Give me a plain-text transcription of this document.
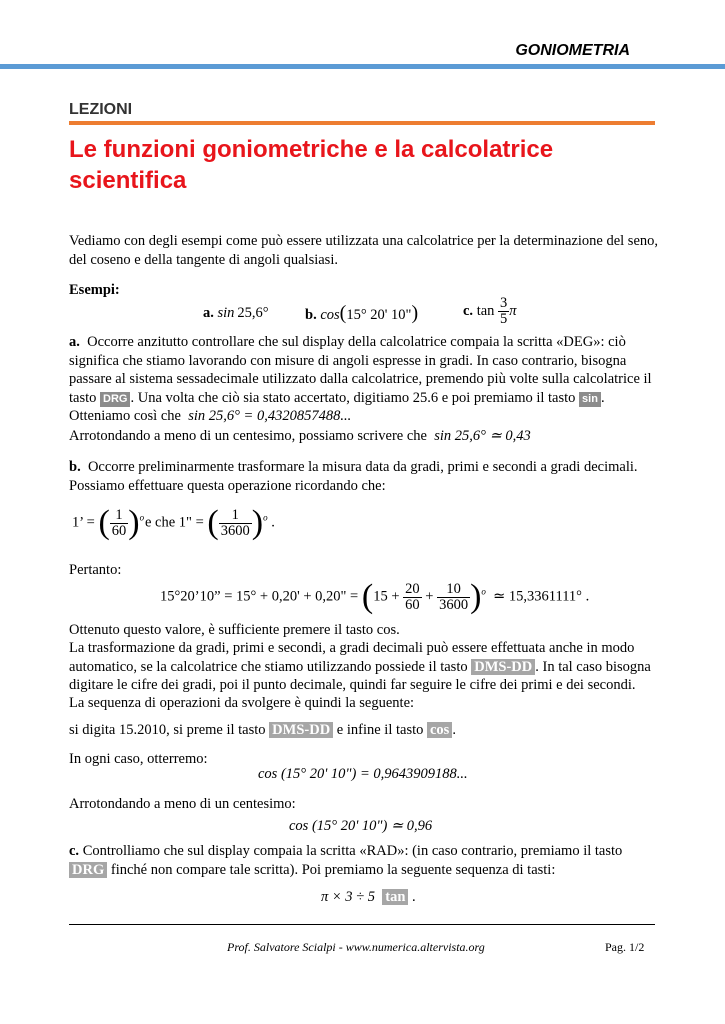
GONIOMETRIA
LEZIONI
Le funzioni goniometriche e la calcolatrice scientifica
Vediamo con degli esempi come può essere utilizzata una calcolatrice per la determinazione del seno, del coseno e della tangente di angoli qualsiasi.
Esempi:
a. sin  25,6°	b. cos(15° 20' 10")	c. $\tan \frac{3}{5}$ π
a. Occorre anzitutto controllare che sul display della calcolatrice compaia la scritta «DEG»: ciò significa che stiamo lavorando con misure di angoli espresse in gradi. In caso contrario, bisogna passare al sistema sessadecimale utilizzato dalla calcolatrice, premendo più volte sulla calcolatrice il tasto DRG . Una volta che ciò sia stato accertato, digitiamo 25.6 e poi premiamo il tasto sin .
Otteniamo così che sin 25,6° = 0,4320857488...
Arrotondando a meno di un centesimo, possiamo scrivere che sin 25,6° ≃ 0,43
b. Occorre preliminarmente trasformare la misura data da gradi, primi e secondi a gradi decimali. Possiamo effettuare questa operazione ricordando che:
1’ = ( $\frac{1}{60} )^o$ e che 1" = ( $\frac{1}{3600} )^o$ .
Pertanto:
15°20’10” = 15° + 0,20' + 0,20" = $(15 + \frac{20}{60} + \frac{10}{3600} )^o$ ≃ 15,3361111° .
Ottenuto questo valore, è sufficiente premere il tasto cos.
La trasformazione da gradi, primi e secondi, a gradi decimali può essere effettuata anche in modo automatico, se la calcolatrice che stiamo utilizzando possiede il tasto DMS-DD . In tal caso bisogna digitare le cifre dei gradi, poi il punto decimale, quindi far seguire le cifre dei primi e dei secondi.
La sequenza di operazioni da svolgere è quindi la seguente:
si digita 15.2010, si preme il tasto DMS-DD e infine il tasto cos .
In ogni caso, otterremo:
cos (15° 20' 10") = 0,9643909188...
Arrotondando a meno di un centesimo:
cos (15° 20' 10") ≃ 0,96
c. Controlliamo che sul display compaia la scritta «RAD»: (in caso contrario, premiamo il tasto DRG finché non compare tale scritta). Poi premiamo la seguente sequenza di tasti:
π × 3 ÷ 5 tan .
Prof. Salvatore Scialpi - www.numerica.altervista.org	Pag. 1/2
